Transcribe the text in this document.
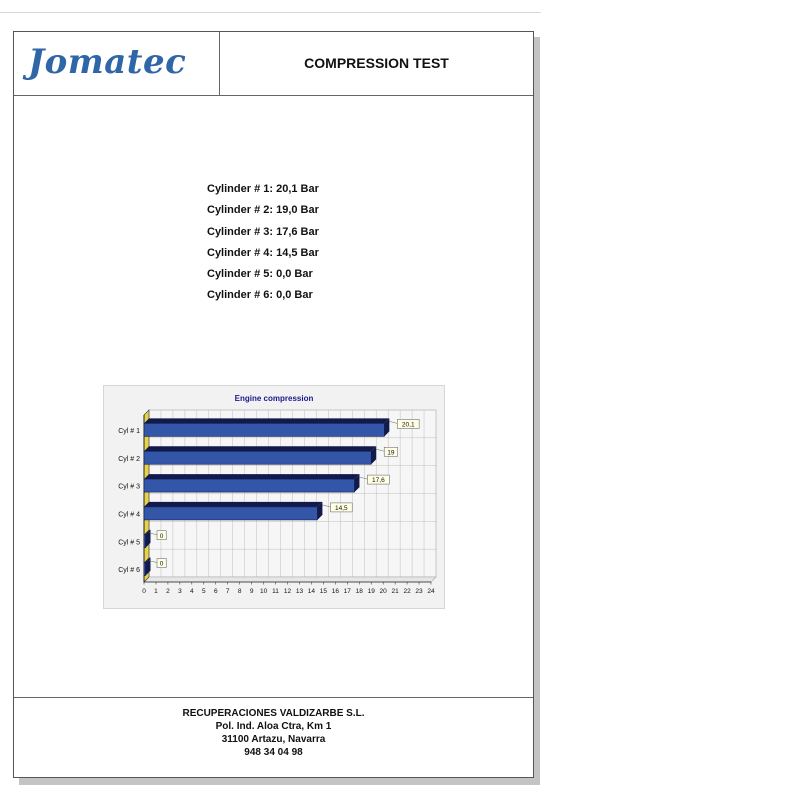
Jomatec	COMPRESSION TEST
Cylinder # 1: 20,1 Bar
Cylinder # 2: 19,0 Bar
Cylinder # 3: 17,6 Bar
Cylinder # 4: 14,5 Bar
Cylinder # 5: 0,0 Bar
Cylinder # 6: 0,0 Bar
Engine compression
Cyl # 1
20,1
Cyl # 2
19
Cyl # 3
17,6
Cyl # 4
14,5
Cyl # 5
0
Cyl # 6
0
0 1 2 3 4 5 6 7 8 9 10 11 12 13 14 15 16 17 18 19 20 21 22 23 24
RECUPERACIONES VALDIZARBE S.L.
Pol. Ind. Aloa Ctra, Km 1
31100 Artazu, Navarra
948 34 04 98
